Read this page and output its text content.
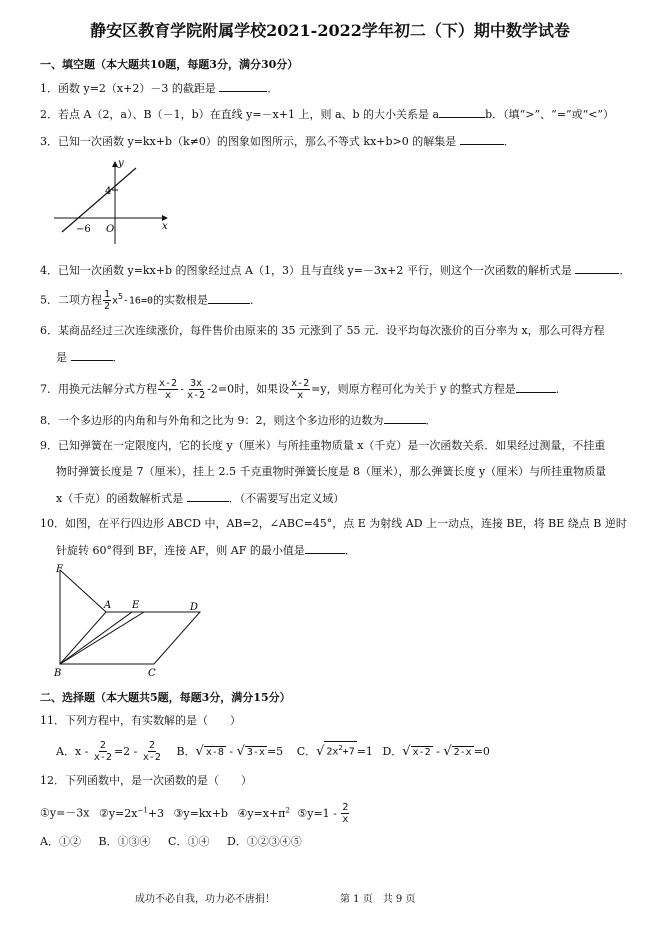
静安区教育学院附属学校2021-2022学年初二（下）期中数学试卷
一、填空题（本大题共10题，每题3分，满分30分）
1．函数 y=2（x+2）－3 的截距是	．
2．若点 A（2，a）、B（－1，b）在直线 y=－x+1 上，则 a、b 的大小关系是 a	b．（填“>”、“=”或“<”）
3．已知一次函数 y=kx+b（k≠0）的图象如图所示，那么不等式 kx+b>0 的解集是	．
y
x
4
−6 O
4．已知一次函数 y=kx+b 的图象经过点 A（1，3）且与直线 y=－3x+2 平行，则这个一次函数的解析式是	．
5．二项方程 $\frac{1}{2} x^5-16=0$的实数根是	．
6．某商品经过三次连续涨价，每件售价由原来的 35 元涨到了 55 元．设平均每次涨价的百分率为 x，那么可得方程
是	．
7．用换元法解分式方程 $\frac{x-2}{x} - \frac{3x}{x-2} -2=0$时，如果设 $\frac{x-2}{x} =y$，则原方程可化为关于 y 的整式方程是	．
8．一个多边形的内角和与外角和之比为 9：2，则这个多边形的边数为	．
9．已知弹簧在一定限度内，它的长度 y（厘米）与所挂重物质量 x（千克）是一次函数关系．如果经过测量，不挂重
物时弹簧长度是 7（厘米），挂上 2.5 千克重物时弹簧长度是 8（厘米），那么弹簧长度 y（厘米）与所挂重物质量
x（千克）的函数解析式是	．（不需要写出定义域）
10．如图，在平行四边形 ABCD 中，AB=2，∠ABC=45°，点 E 为射线 AD 上一动点，连接 BE，将 BE 绕点 B 逆时
针旋转 60°得到 BF，连接 AF，则 AF 的最小值是	．
F
A E	D
B	C
二、选择题（本大题共5题，每题3分，满分15分）
11．下列方程中，有实数解的是（　　）
A．$x - \frac{2}{x-2} =2 - \frac{2}{x-2}$ B．√ x-8 - √ 3-x =5 C．√ $2x^2+7 =1$ D．√ x-2 - √ 2-x =0
12．下列函数中，是一次函数的是（　　）
①y=－3x $②y=2x^{-1}+3$ ③y=kx+b $④y=x+\pi^2$ ⑤y=1 - $\frac{2}{x}$
A．①② B．①③④ C．①④ D．①②③④⑤
成功不必自我，功力必不唐捐！	第 1 页　共 9 页
